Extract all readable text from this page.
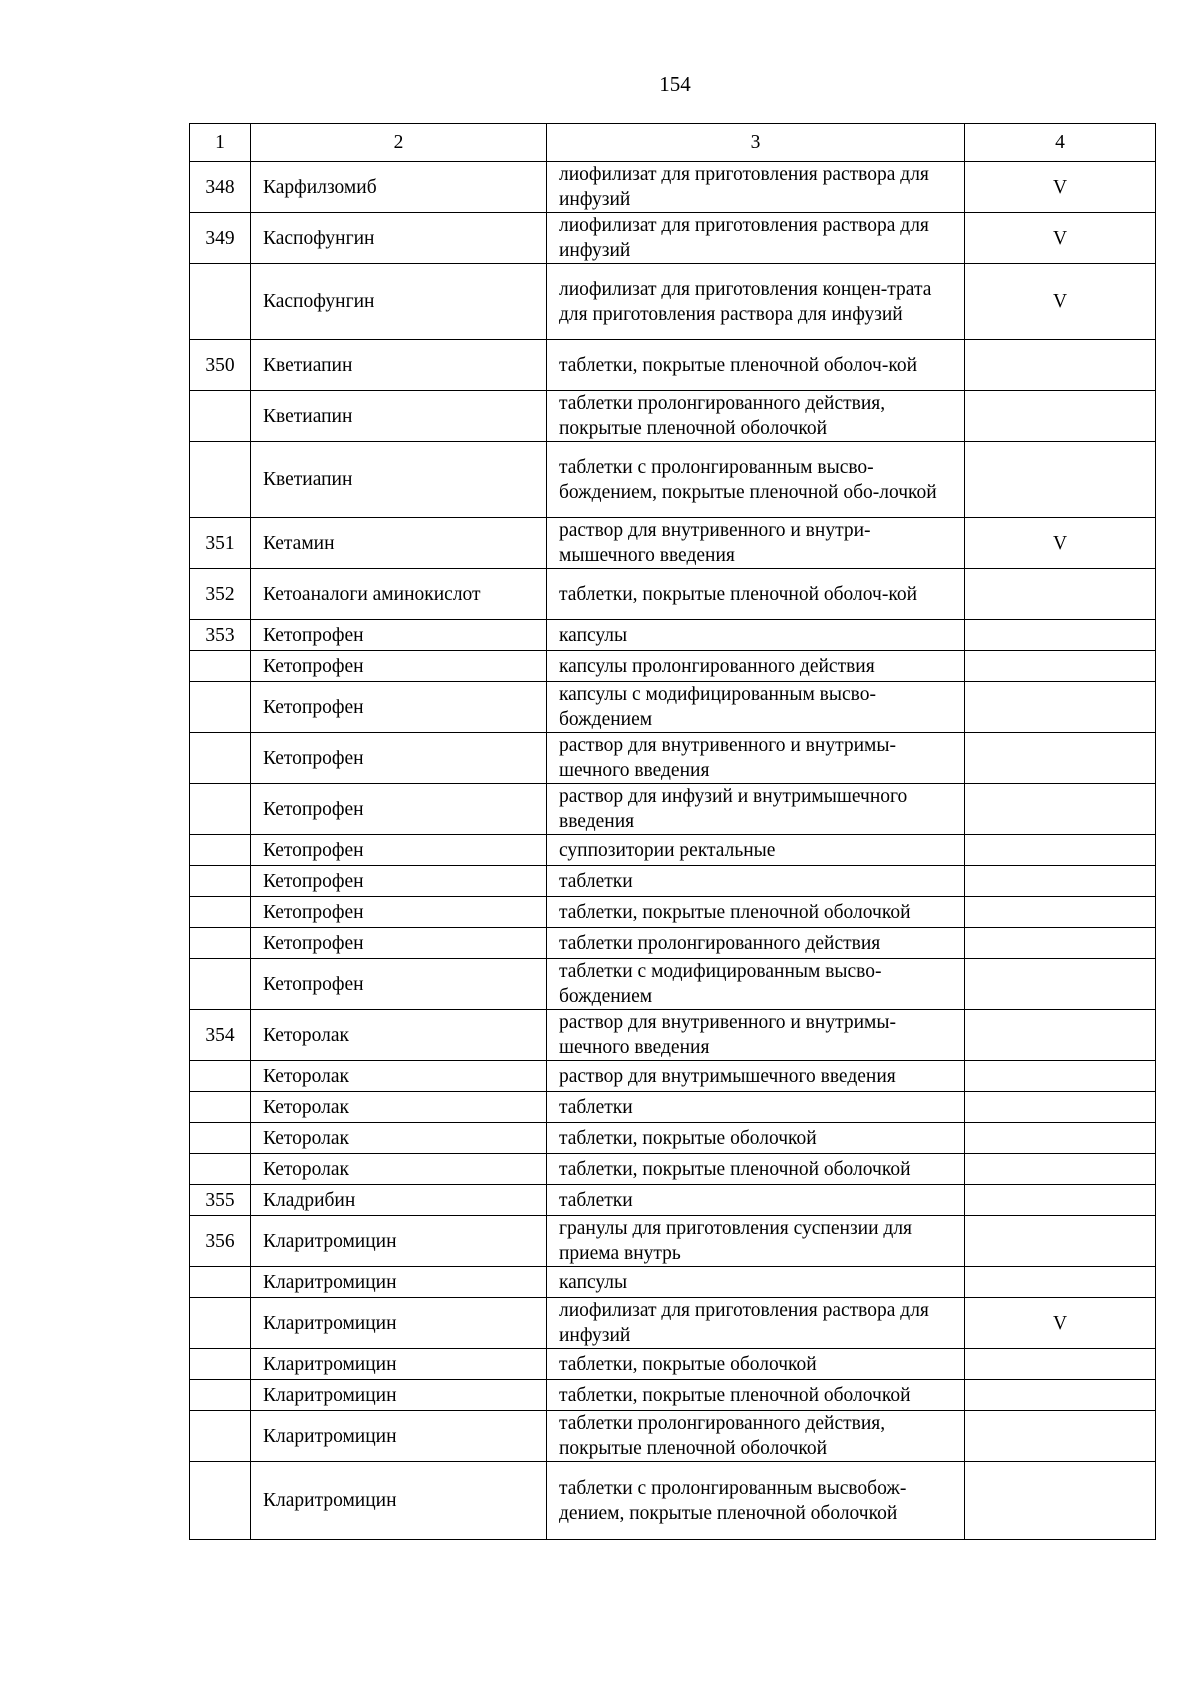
154
1	2	3	4
348	Карфилзомиб	лиофилизат для приготовления раствора для инфузий	V
349	Каспофунгин	лиофилизат для приготовления раствора для инфузий	V
	Каспофунгин	лиофилизат для приготовления концен-трата для приготовления раствора для инфузий	V
350	Кветиапин	таблетки, покрытые пленочной оболоч-кой	
	Кветиапин	таблетки пролонгированного действия, покрытые пленочной оболочкой	
	Кветиапин	таблетки с пролонгированным высво-бождением, покрытые пленочной обо-лочкой	
351	Кетамин	раствор для внутривенного и внутри-мышечного введения	V
352	Кетоаналоги аминокислот	таблетки, покрытые пленочной оболоч-кой	
353	Кетопрофен	капсулы	
	Кетопрофен	капсулы пролонгированного действия	
	Кетопрофен	капсулы с модифицированным высво-бождением	
	Кетопрофен	раствор для внутривенного и внутримы-шечного введения	
	Кетопрофен	раствор для инфузий и внутримышечного введения	
	Кетопрофен	суппозитории ректальные	
	Кетопрофен	таблетки	
	Кетопрофен	таблетки, покрытые пленочной оболочкой	
	Кетопрофен	таблетки пролонгированного действия	
	Кетопрофен	таблетки с модифицированным высво-бождением	
354	Кеторолак	раствор для внутривенного и внутримы-шечного введения	
	Кеторолак	раствор для внутримышечного введения	
	Кеторолак	таблетки	
	Кеторолак	таблетки, покрытые оболочкой	
	Кеторолак	таблетки, покрытые пленочной оболочкой	
355	Кладрибин	таблетки	
356	Кларитромицин	гранулы для приготовления суспензии для приема внутрь	
	Кларитромицин	капсулы	
	Кларитромицин	лиофилизат для приготовления раствора для инфузий	V
	Кларитромицин	таблетки, покрытые оболочкой	
	Кларитромицин	таблетки, покрытые пленочной оболочкой	
	Кларитромицин	таблетки пролонгированного действия, покрытые пленочной оболочкой	
	Кларитромицин	таблетки с пролонгированным высвобож-дением, покрытые пленочной оболочкой	
